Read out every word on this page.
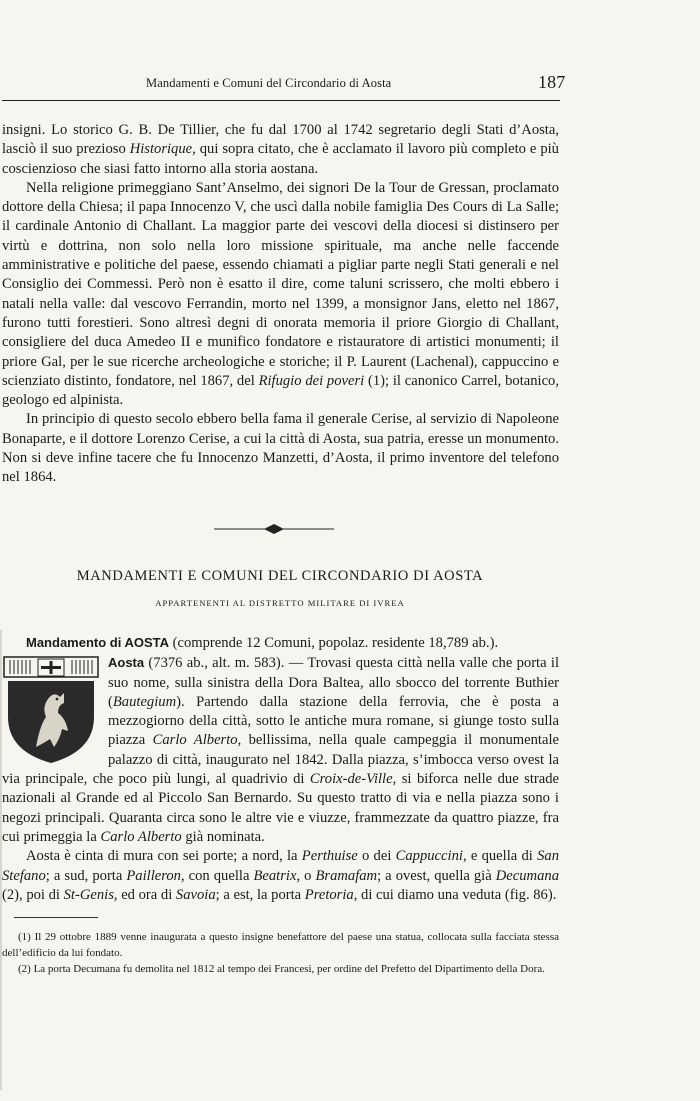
Mandamenti e Comuni del Circondario di Aosta	187

insigni. Lo storico G. B. De Tillier, che fu dal 1700 al 1742 segretario degli Stati d’Aosta, lasciò il suo prezioso Historique, qui sopra citato, che è acclamato il lavoro più completo e più coscienzioso che siasi fatto intorno alla storia aostana.

Nella religione primeggiano Sant’Anselmo, dei signori De la Tour de Gressan, proclamato dottore della Chiesa; il papa Innocenzo V, che uscì dalla nobile famiglia Des Cours di La Salle; il cardinale Antonio di Challant. La maggior parte dei vescovi della diocesi si distinsero per virtù e dottrina, non solo nella loro missione spirituale, ma anche nelle faccende amministrative e politiche del paese, essendo chiamati a pigliar parte negli Stati generali e nel Consiglio dei Commessi. Però non è esatto il dire, come taluni scrissero, che molti ebbero i natali nella valle: dal vescovo Ferrandin, morto nel 1399, a monsignor Jans, eletto nel 1867, furono tutti forestieri. Sono altresì degni di onorata memoria il priore Giorgio di Challant, consigliere del duca Amedeo II e munifico fondatore e ristauratore di artistici monumenti; il priore Gal, per le sue ricerche archeologiche e storiche; il P. Laurent (Lachenal), cappuccino e scienziato distinto, fondatore, nel 1867, del Rifugio dei poveri (1); il canonico Carrel, botanico, geologo ed alpinista.

In principio di questo secolo ebbero bella fama il generale Cerise, al servizio di Napoleone Bonaparte, e il dottore Lorenzo Cerise, a cui la città di Aosta, sua patria, eresse un monumento. Non si deve infine tacere che fu Innocenzo Manzetti, d’Aosta, il primo inventore del telefono nel 1864.

MANDAMENTI E COMUNI DEL CIRCONDARIO DI AOSTA
APPARTENENTI AL DISTRETTO MILITARE DI IVREA

Mandamento di AOSTA (comprende 12 Comuni, popolaz. residente 18,789 ab.).

Aosta (7376 ab., alt. m. 583). — Trovasi questa città nella valle che porta il suo nome, sulla sinistra della Dora Baltea, allo sbocco del torrente Buthier (Bautegium). Partendo dalla stazione della ferrovia, che è posta a mezzogiorno della città, sotto le antiche mura romane, si giunge tosto sulla piazza Carlo Alberto, bellissima, nella quale campeggia il monumentale palazzo di città, inaugurato nel 1842. Dalla piazza, s’imbocca verso ovest la via principale, che poco più lungi, al quadrivio di Croix-de-Ville, si biforca nelle due strade nazionali al Grande ed al Piccolo San Bernardo. Su questo tratto di via e nella piazza sono i negozi principali. Quaranta circa sono le altre vie e viuzze, frammezzate da quattro piazze, fra cui primeggia la Carlo Alberto già nominata.

Aosta è cinta di mura con sei porte; a nord, la Perthuise o dei Cappuccini, e quella di San Stefano; a sud, porta Pailleron, con quella Beatrix, o Bramafam; a ovest, quella già Decumana (2), poi di St-Genis, ed ora di Savoia; a est, la porta Pretoria, di cui diamo una veduta (fig. 86).

(1) Il 29 ottobre 1889 venne inaugurata a questo insigne benefattore del paese una statua, collocata sulla facciata stessa dell’edificio da lui fondato.

(2) La porta Decumana fu demolita nel 1812 al tempo dei Francesi, per ordine del Prefetto del Dipartimento della Dora.
